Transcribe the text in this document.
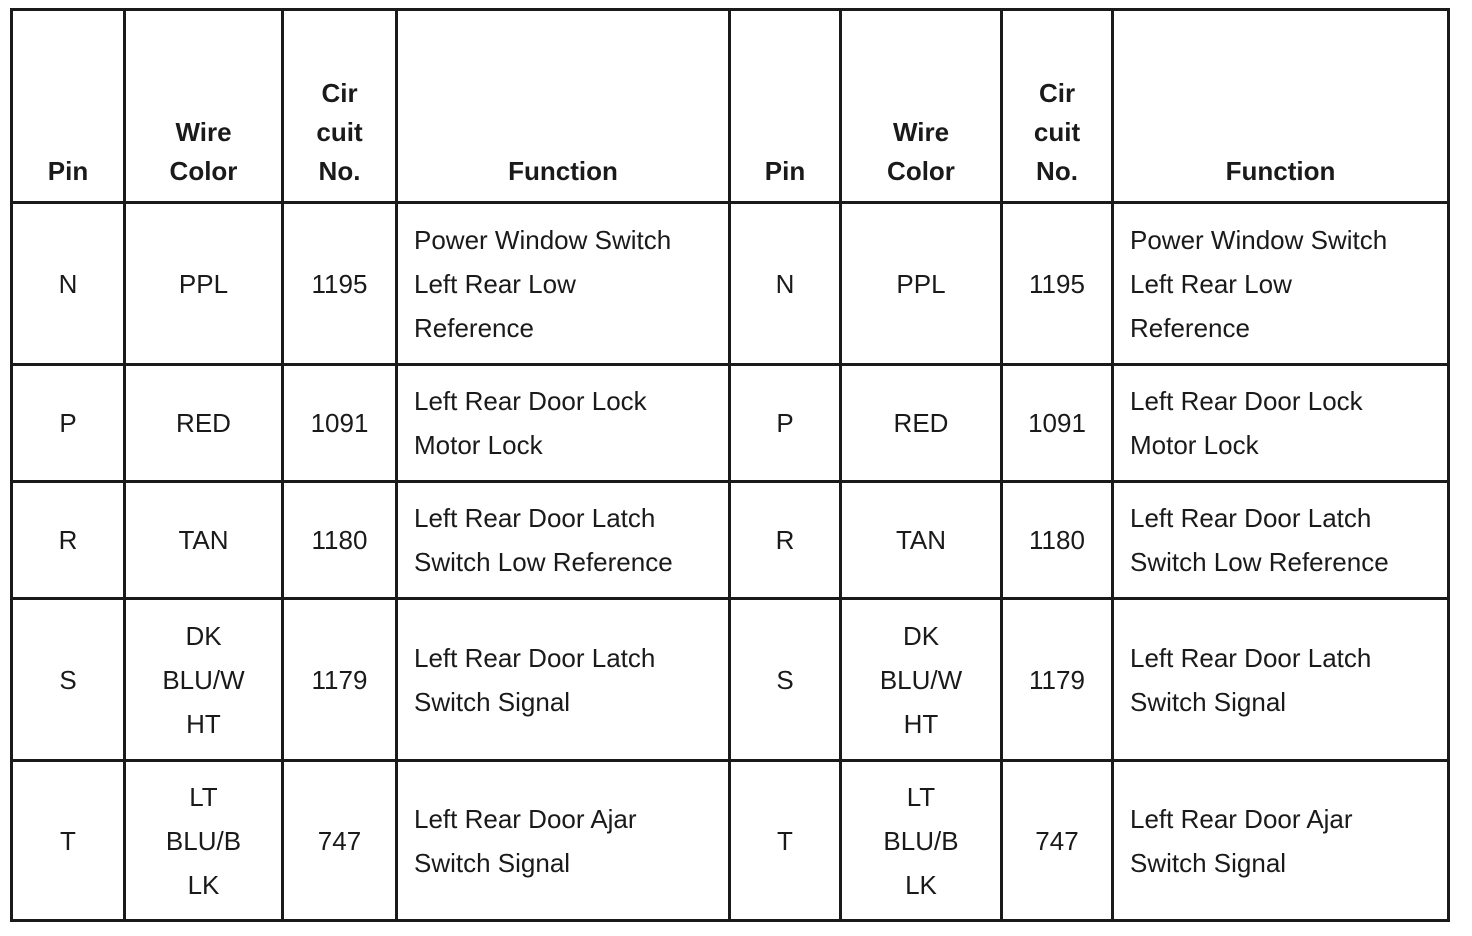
Pin	Wire
Color	Cir
cuit
No.	Function	Pin	Wire
Color	Cir
cuit
No.	Function

N	PPL	1195	Power Window Switch
Left Rear Low
Reference	N	PPL	1195	Power Window Switch
Left Rear Low
Reference

P	RED	1091	Left Rear Door Lock
Motor Lock	P	RED	1091	Left Rear Door Lock
Motor Lock

R	TAN	1180	Left Rear Door Latch
Switch Low Reference	R	TAN	1180	Left Rear Door Latch
Switch Low Reference

S	DK
BLU/W
HT	1179	Left Rear Door Latch
Switch Signal	S	DK
BLU/W
HT	1179	Left Rear Door Latch
Switch Signal

T	LT
BLU/B
LK	747	Left Rear Door Ajar
Switch Signal	T	LT
BLU/B
LK	747	Left Rear Door Ajar
Switch Signal
